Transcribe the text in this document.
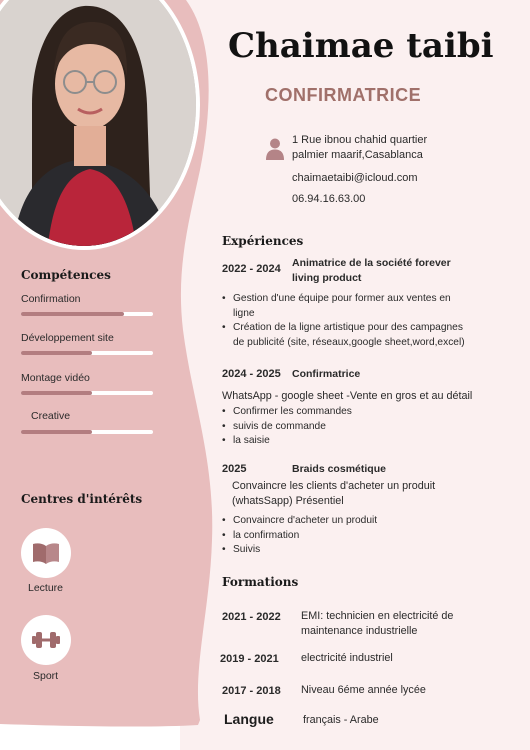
Chaimae taibi
CONFIRMATRICE
1 Rue ibnou chahid quartier
palmier maarif,Casablanca
chaimaetaibi@icloud.com
06.94.16.63.00
Compétences
Confirmation
Développement site
Montage vidéo
Creative
Centres d'intérêts
Lecture
Sport
Expériences
2022 - 2024 Animatrice de la société forever
living product
• Gestion d'une équipe pour former aux ventes en ligne
• Création de la ligne artistique pour des campagnes de publicité (site, réseaux,google sheet,word,excel)
2024 - 2025 Confirmatrice
WhatsApp - google sheet -Vente en gros et au détail
• Confirmer les commandes
• suivis de commande
• la saisie
2025	Braids cosmétique
Convaincre les clients d'acheter un produit
(whatsSapp) Présentiel
• Convaincre d'acheter un produit
• la confirmation
• Suivis
Formations
2021 - 2022 EMI: technicien en electricité de
maintenance industrielle
2019 - 2021 electricité industriel
2017 - 2018 Niveau 6éme année lycée
Langue	français - Arabe
